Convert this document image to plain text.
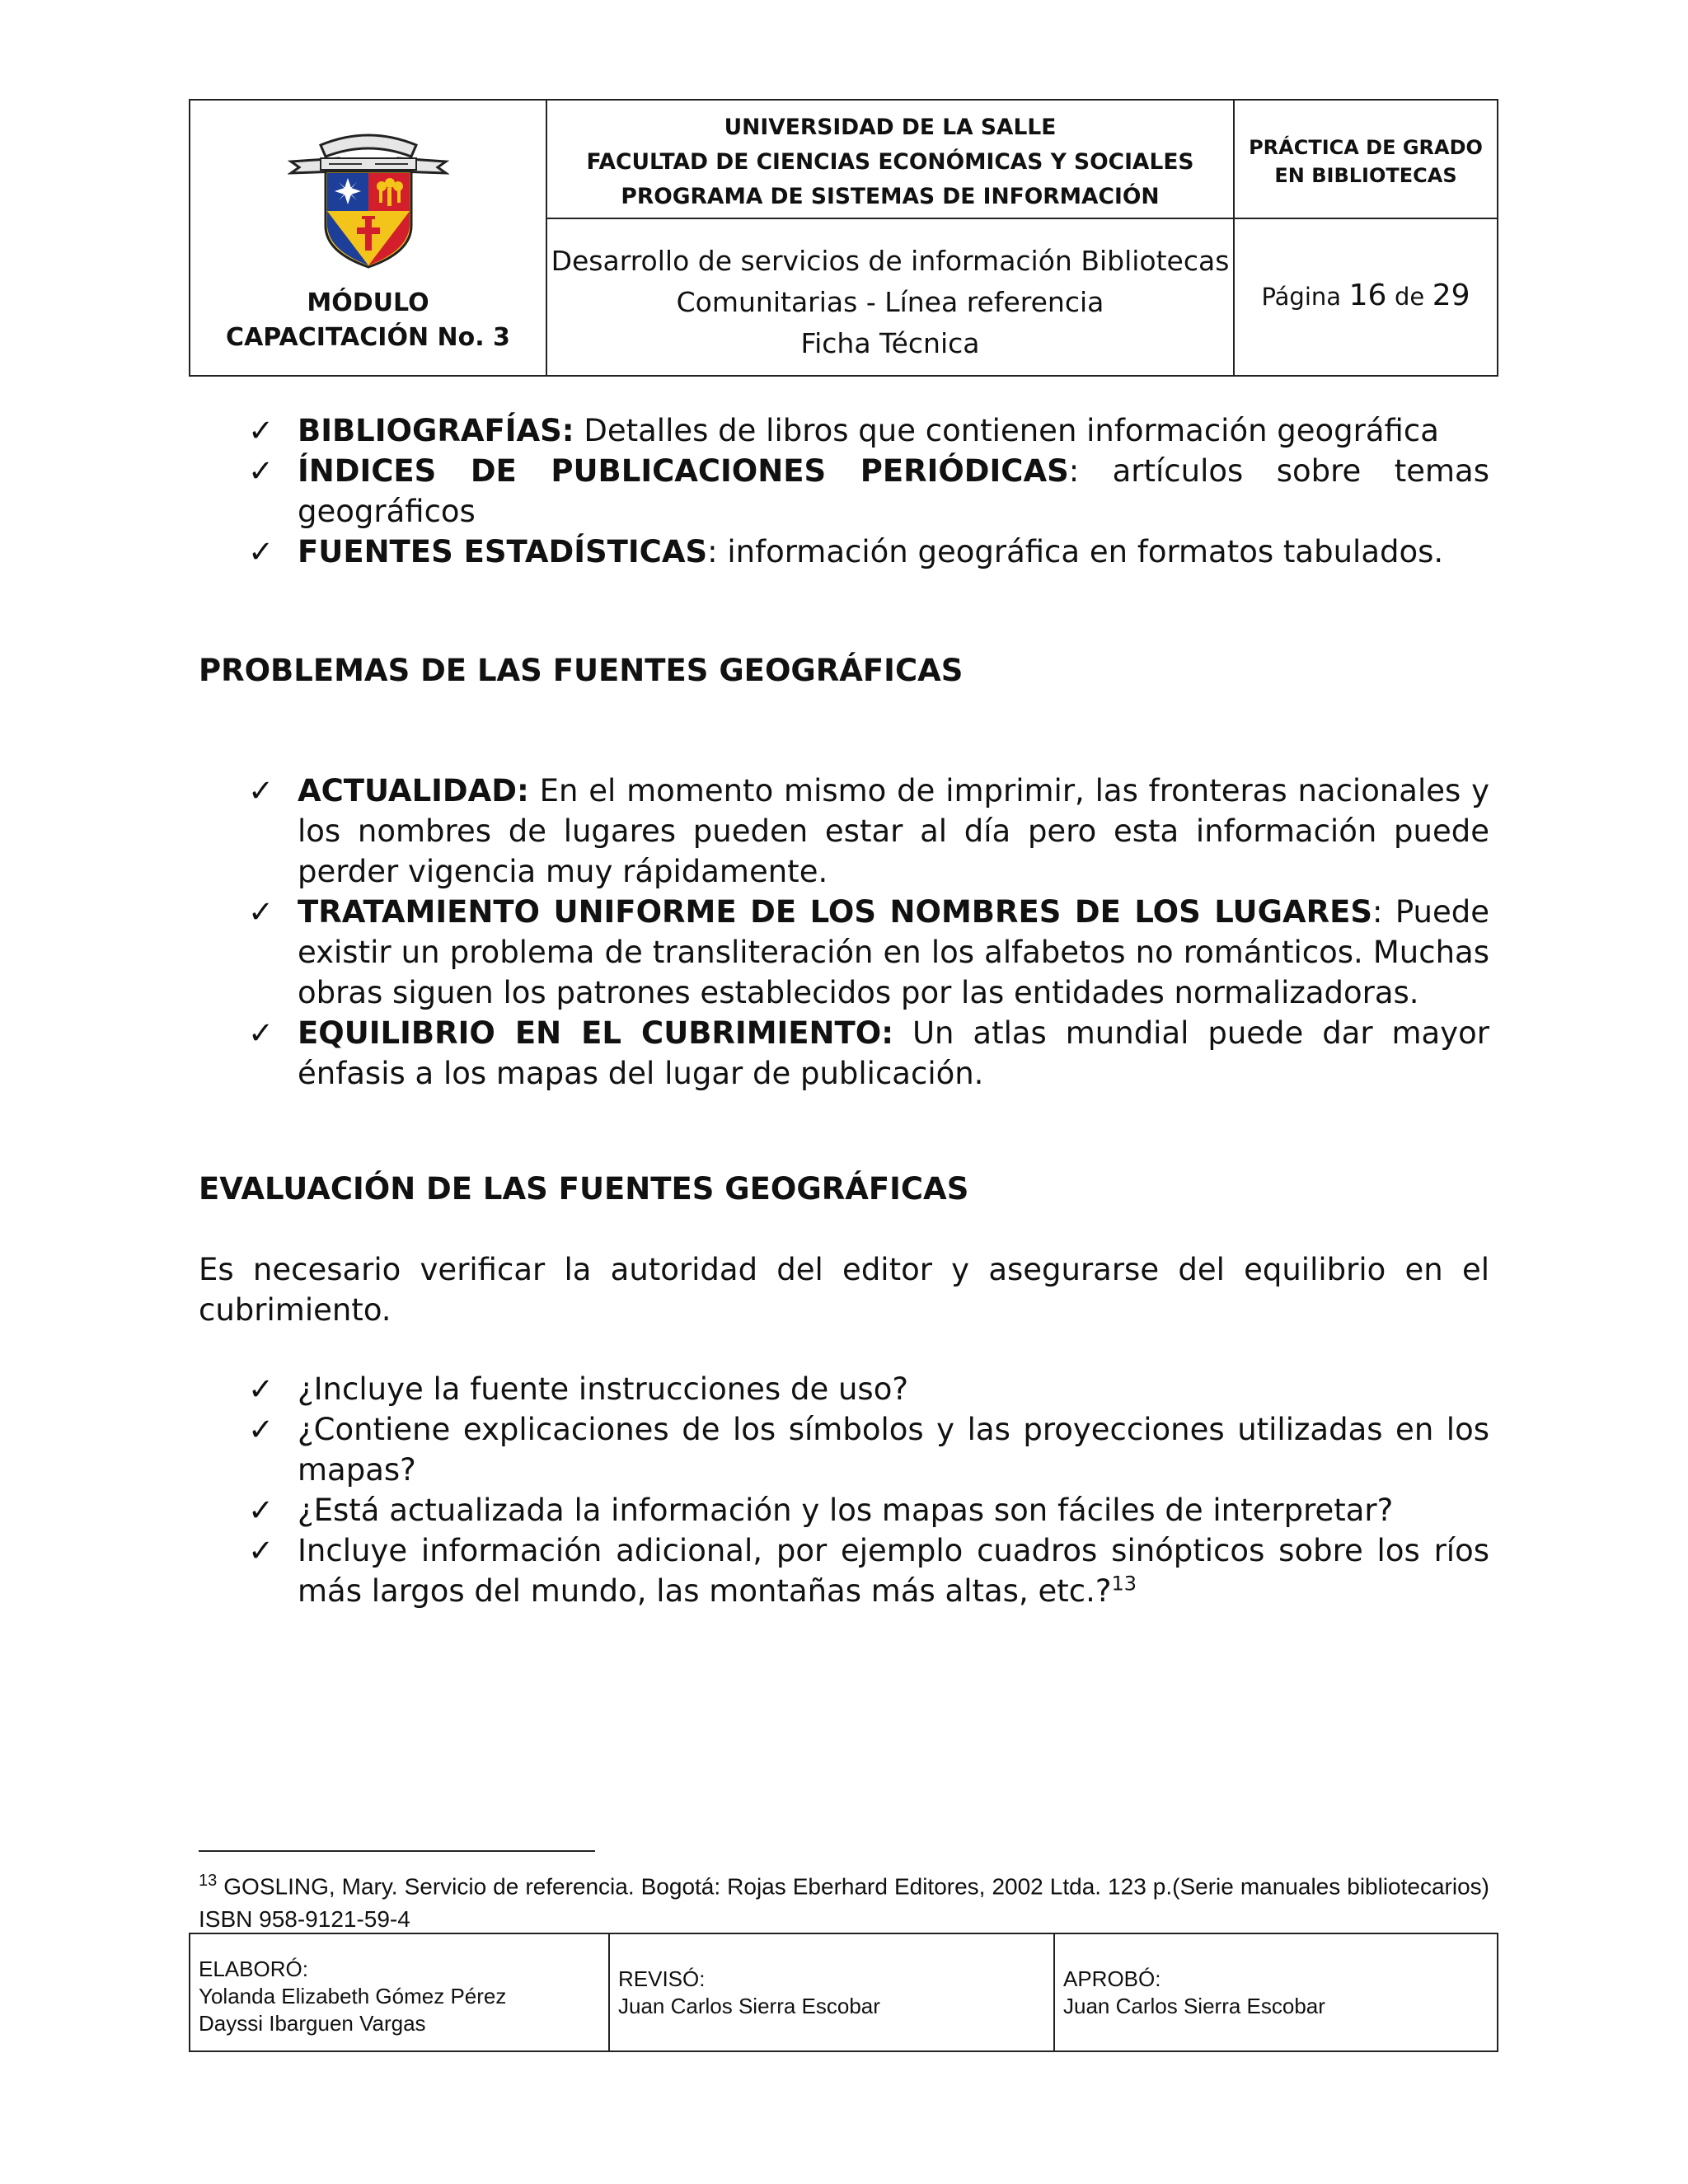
MÓDULO
CAPACITACIÓN No. 3
UNIVERSIDAD DE LA SALLE
FACULTAD DE CIENCIAS ECONÓMICAS Y SOCIALES
PROGRAMA DE SISTEMAS DE INFORMACIÓN
Desarrollo de servicios de información Bibliotecas
Comunitarias - Línea referencia
Ficha Técnica
PRÁCTICA DE GRADO
EN BIBLIOTECAS
Página 16 de 29
✓ BIBLIOGRAFÍAS: Detalles de libros que contienen información geográfica
✓ ÍNDICES DE PUBLICACIONES PERIÓDICAS: artículos sobre temas geográficos
✓ FUENTES ESTADÍSTICAS: información geográfica en formatos tabulados.
PROBLEMAS DE LAS FUENTES GEOGRÁFICAS
✓ ACTUALIDAD: En el momento mismo de imprimir, las fronteras nacionales y los nombres de lugares pueden estar al día pero esta información puede perder vigencia muy rápidamente.
✓ TRATAMIENTO UNIFORME DE LOS NOMBRES DE LOS LUGARES: Puede existir un problema de transliteración en los alfabetos no románticos. Muchas obras siguen los patrones establecidos por las entidades normalizadoras.
✓ EQUILIBRIO EN EL CUBRIMIENTO: Un atlas mundial puede dar mayor énfasis a los mapas del lugar de publicación.
EVALUACIÓN DE LAS FUENTES GEOGRÁFICAS
Es necesario verificar la autoridad del editor y asegurarse del equilibrio en el cubrimiento.
✓ ¿Incluye la fuente instrucciones de uso?
✓ ¿Contiene explicaciones de los símbolos y las proyecciones utilizadas en los mapas?
✓ ¿Está actualizada la información y los mapas son fáciles de interpretar?
✓ Incluye información adicional, por ejemplo cuadros sinópticos sobre los ríos más largos del mundo, las montañas más altas, etc.?$^{13}$
$^{13}$ GOSLING, Mary. Servicio de referencia. Bogotá: Rojas Eberhard Editores, 2002 Ltda. 123 p.(Serie manuales bibliotecarios) ISBN 958-9121-59-4
ELABORÓ:
Yolanda Elizabeth Gómez Pérez
Dayssi Ibarguen Vargas
REVISÓ:
Juan Carlos Sierra Escobar
APROBÓ:
Juan Carlos Sierra Escobar
